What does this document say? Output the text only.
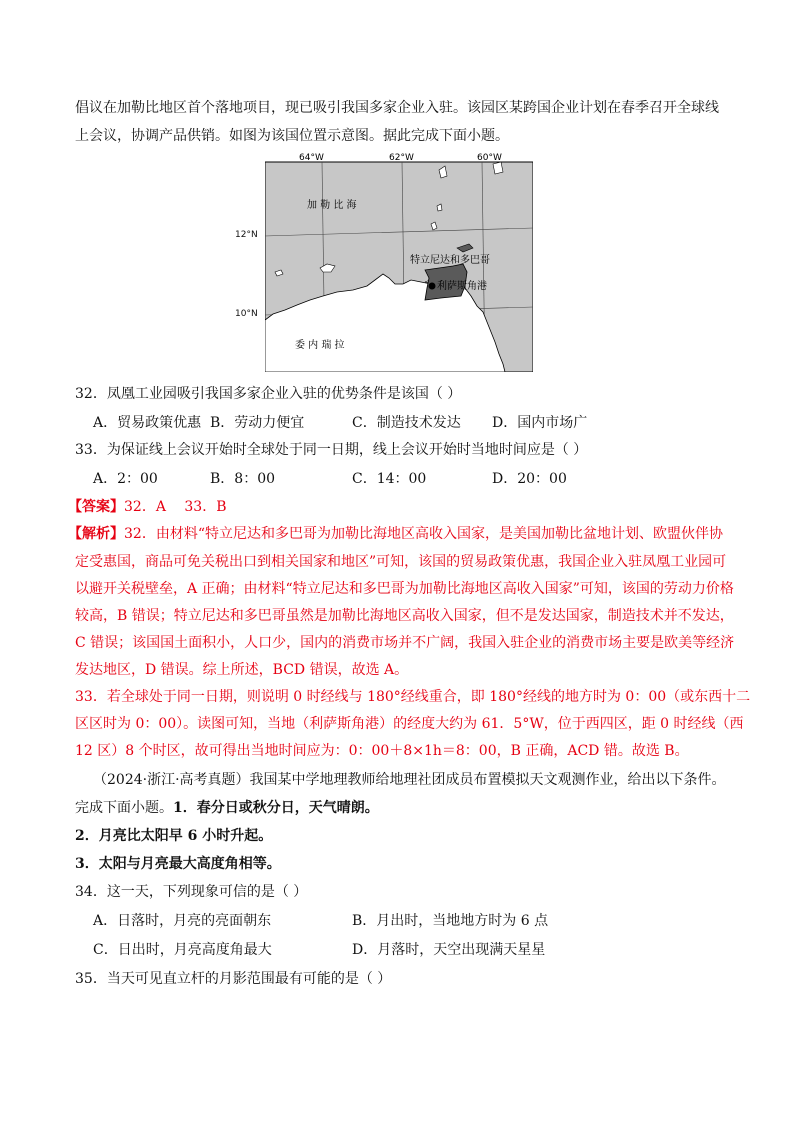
倡议在加勒比地区首个落地项目，现已吸引我国多家企业入驻。该园区某跨国企业计划在春季召开全球线
上会议，协调产品供销。如图为该国位置示意图。据此完成下面小题。
64°W	62°W	60°W
加 勒 比 海
特立尼达和多巴哥
利萨斯角港
委 内 瑞 拉
12°N
10°N
32．凤凰工业园吸引我国多家企业入驻的优势条件是该国（ ）
A．贸易政策优惠 B．劳动力便宜	C．制造技术发达 D．国内市场广
33．为保证线上会议开始时全球处于同一日期，线上会议开始时当地时间应是（ ）
A．2：00	B．8：00	C．14：00	D．20：00
【答案】32．A 33．B
【解析】32．由材料“特立尼达和多巴哥为加勒比海地区高收入国家，是美国加勒比盆地计划、欧盟伙伴协
定受惠国，商品可免关税出口到相关国家和地区”可知，该国的贸易政策优惠，我国企业入驻凤凰工业园可
以避开关税壁垒，A 正确；由材料“特立尼达和多巴哥为加勒比海地区高收入国家”可知，该国的劳动力价格
较高，B 错误；特立尼达和多巴哥虽然是加勒比海地区高收入国家，但不是发达国家，制造技术并不发达，
C 错误；该国国土面积小，人口少，国内的消费市场并不广阔，我国入驻企业的消费市场主要是欧美等经济
发达地区，D 错误。综上所述，BCD 错误，故选 A。
33．若全球处于同一日期，则说明 0 时经线与 180°经线重合，即 180°经线的地方时为 0：00（或东西十二
区区时为 0：00）。读图可知，当地（利萨斯角港）的经度大约为 61．5°W，位于西四区，距 0 时经线（西
12 区）8 个时区，故可得出当地时间应为：0：00＋8×1h＝8：00，B 正确，ACD 错。故选 B。
（2024·浙江·高考真题）我国某中学地理教师给地理社团成员布置模拟天文观测作业，给出以下条件。
完成下面小题。1．春分日或秋分日，天气晴朗。
2．月亮比太阳早 6 小时升起。
3．太阳与月亮最大高度角相等。
34．这一天，下列现象可信的是（ ）
A．日落时，月亮的亮面朝东	B．月出时，当地地方时为 6 点
C．日出时，月亮高度角最大	D．月落时，天空出现满天星星
35．当天可见直立杆的月影范围最有可能的是（ ）
